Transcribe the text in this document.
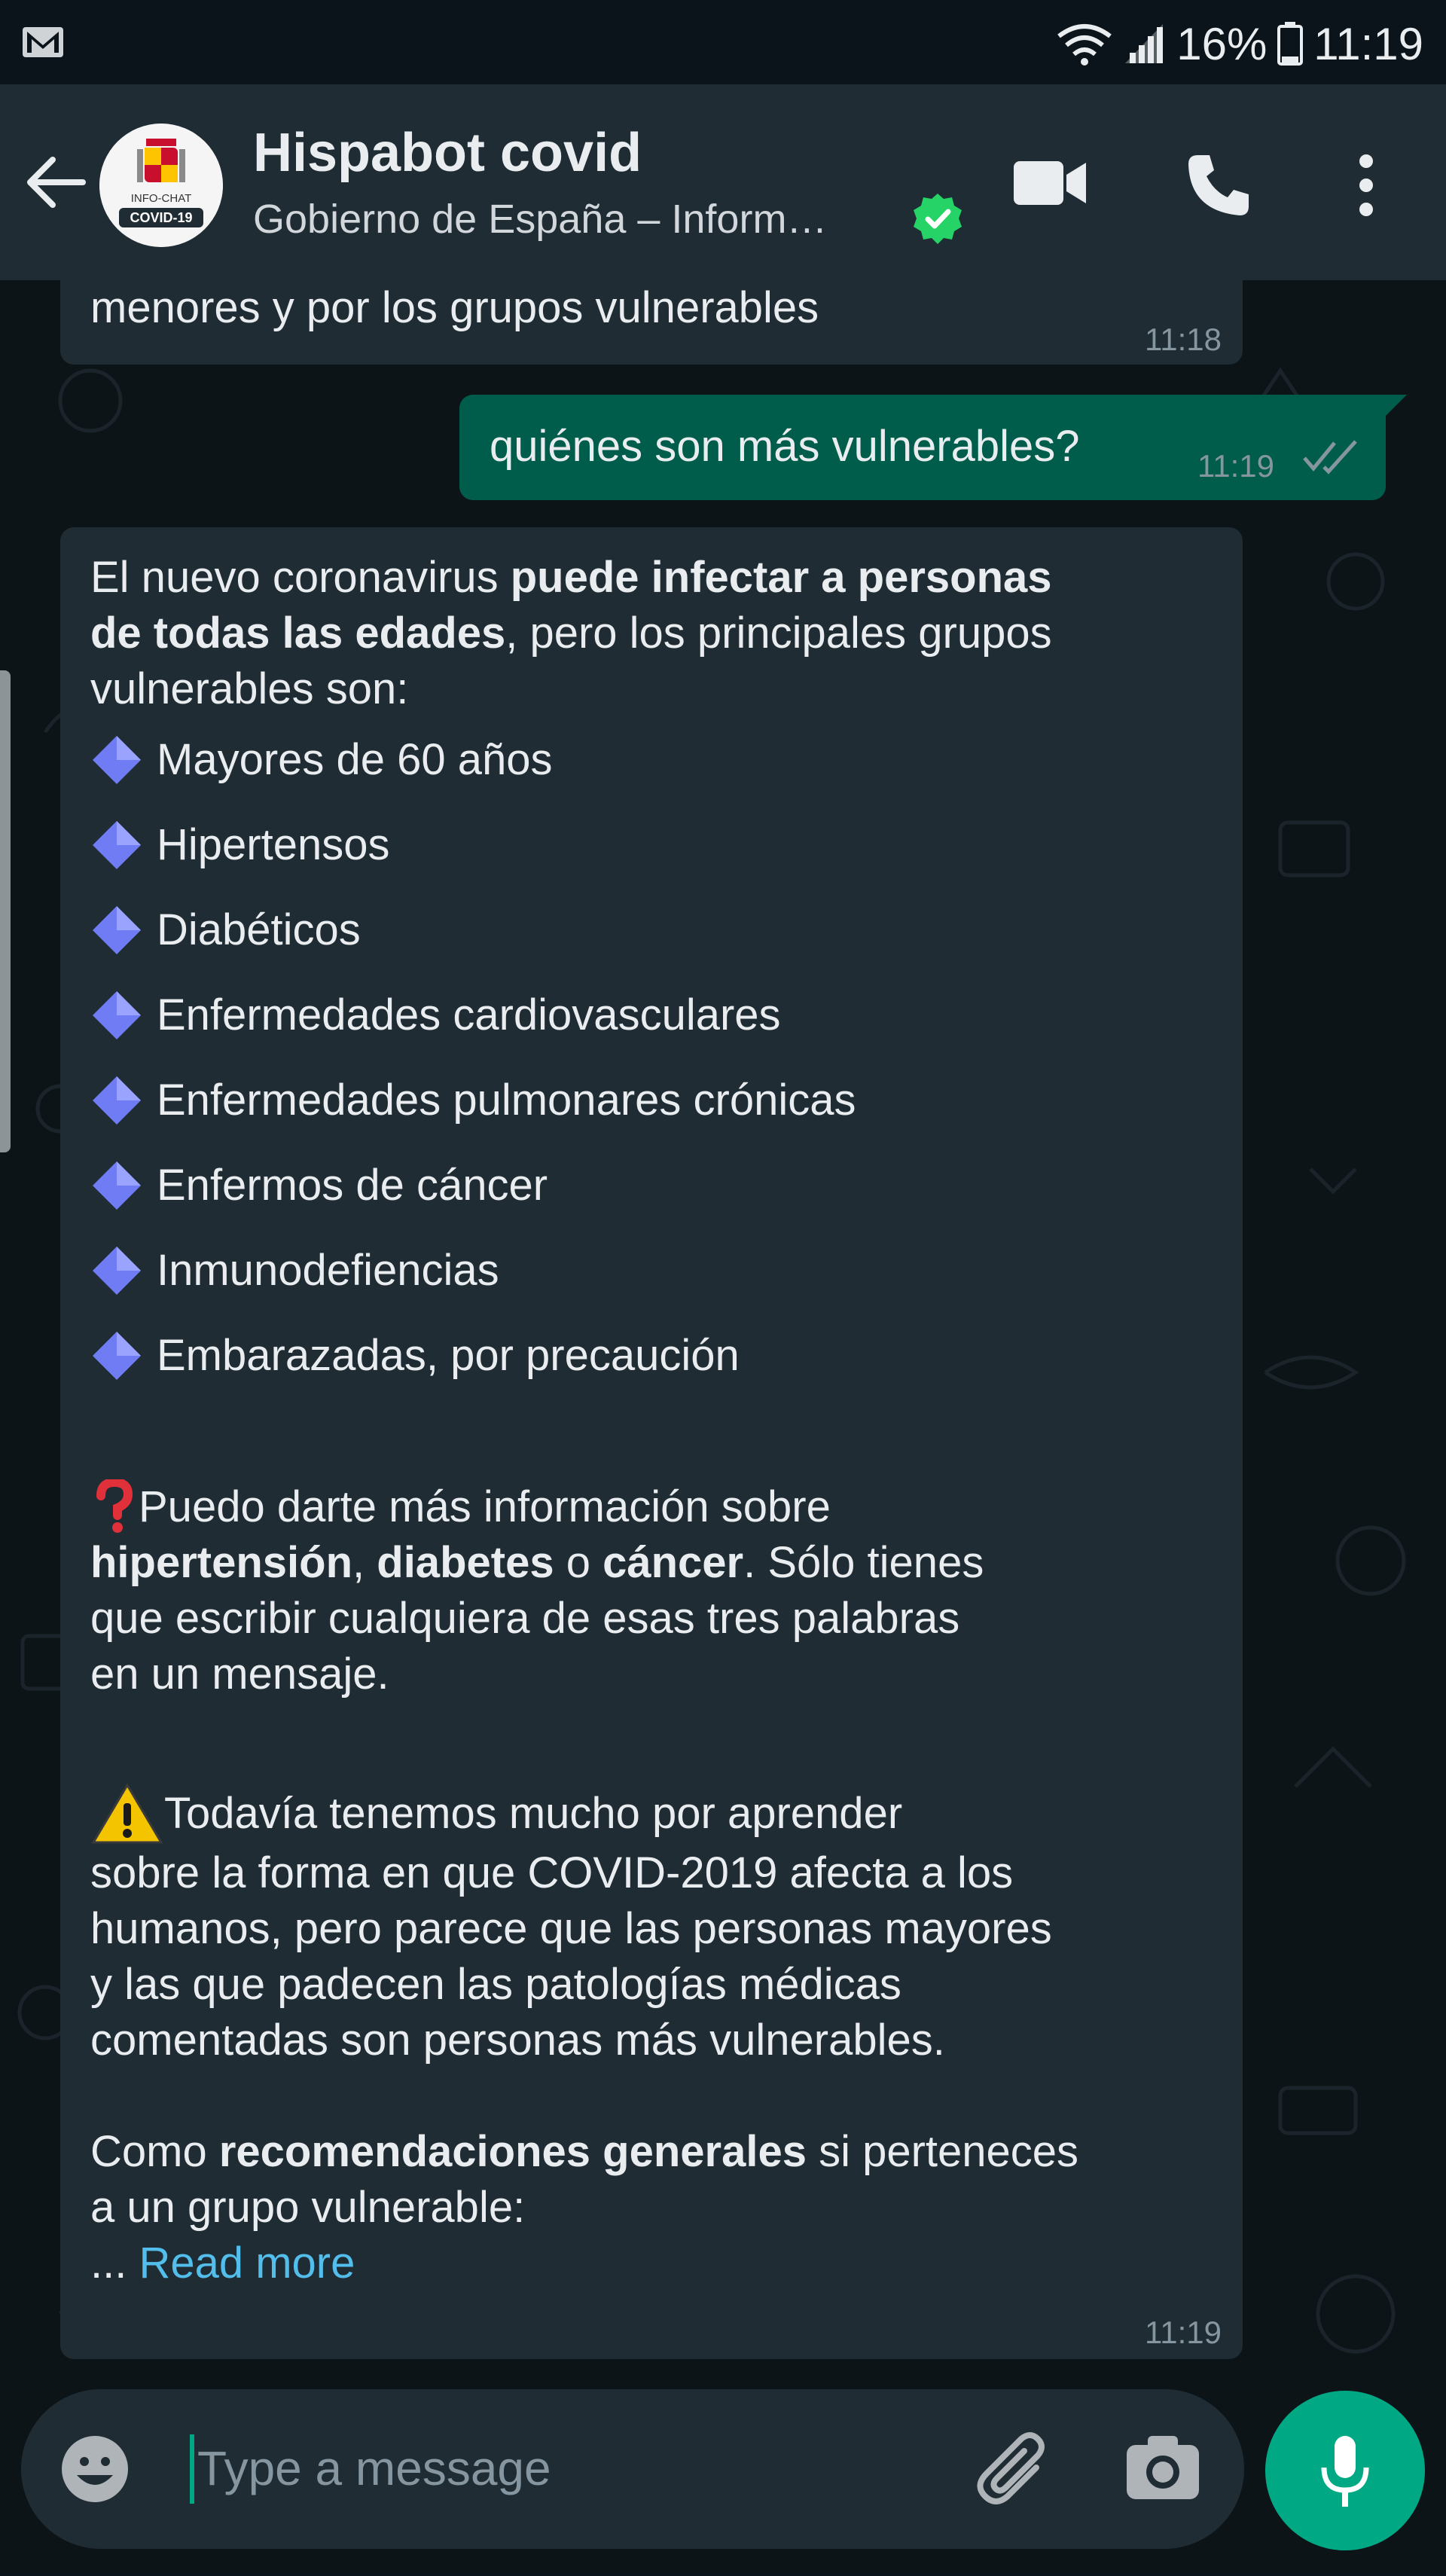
16% 11:19
INFO-CHAT
COVID-19
Hispabot covid
Gobierno de España – Inform…
menores y por los grupos vulnerables
11:18
quiénes son más vulnerables?	11:19
El nuevo coronavirus puede infectar a personas
de todas las edades, pero los principales grupos
vulnerables son:
Mayores de 60 años
Hipertensos
Diabéticos
Enfermedades cardiovasculares
Enfermedades pulmonares crónicas
Enfermos de cáncer
Inmunodefiencias
Embarazadas, por precaución
Puedo darte más información sobre
hipertensión, diabetes o cáncer. Sólo tienes
que escribir cualquiera de esas tres palabras
en un mensaje.
Todavía tenemos mucho por aprender
sobre la forma en que COVID-2019 afecta a los
humanos, pero parece que las personas mayores
y las que padecen las patologías médicas
comentadas son personas más vulnerables.
Como recomendaciones generales si perteneces
a un grupo vulnerable:
... Read more
11:19
Type a message
